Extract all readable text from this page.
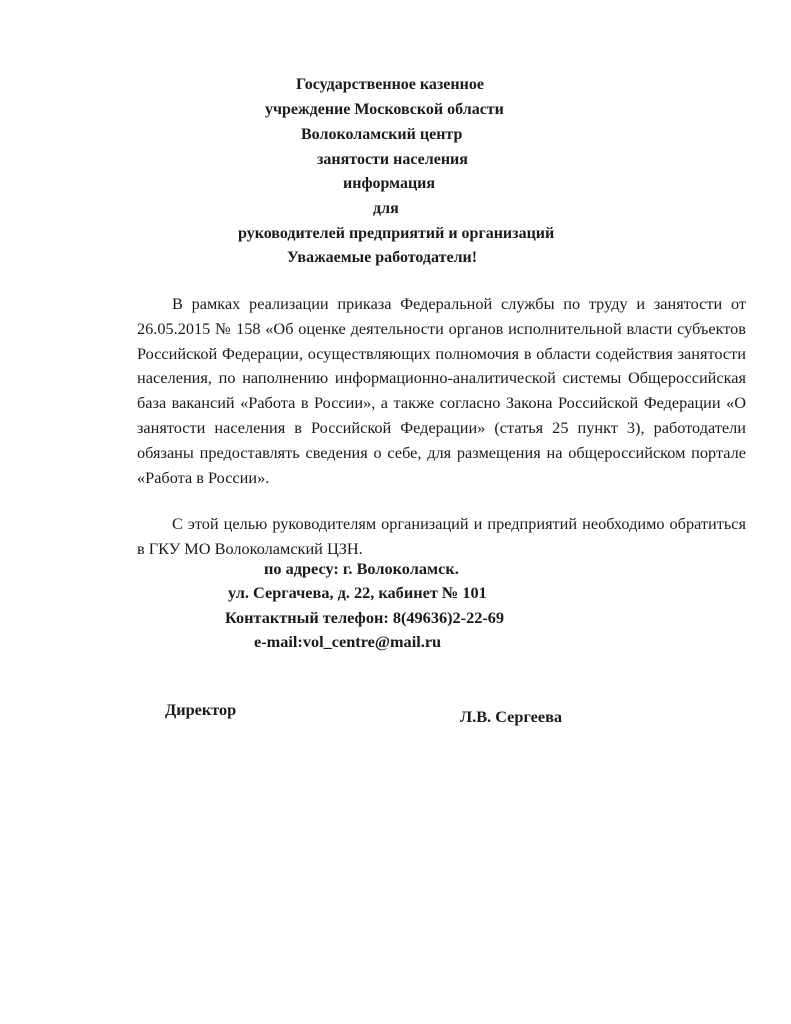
Государственное казенное

учреждение Московской области

Волоколамский центр

занятости населения

информация

для

руководителей предприятий и организаций

Уважаемые работодатели!

В рамках реализации приказа Федеральной службы по труду и занятости от 26.05.2015 № 158 «Об оценке деятельности органов исполнительной власти субъектов Российской Федерации, осуществляющих полномочия в области содействия занятости населения, по наполнению информационно-аналитической системы Общероссийская база вакансий «Работа в России», а также согласно Закона Российской Федерации «О занятости населения в Российской Федерации» (статья 25 пункт 3), работодатели обязаны предоставлять сведения о себе, для размещения на общероссийском портале «Работа в России».

С этой целью руководителям организаций и предприятий необходимо обратиться в ГКУ МО Волоколамский ЦЗН.

по адресу: г. Волоколамск.

ул. Сергачева, д. 22, кабинет № 101

Контактный телефон: 8(49636)2-22-69

e-mail:vol_centre@mail.ru

Директор	Л.В. Сергеева
